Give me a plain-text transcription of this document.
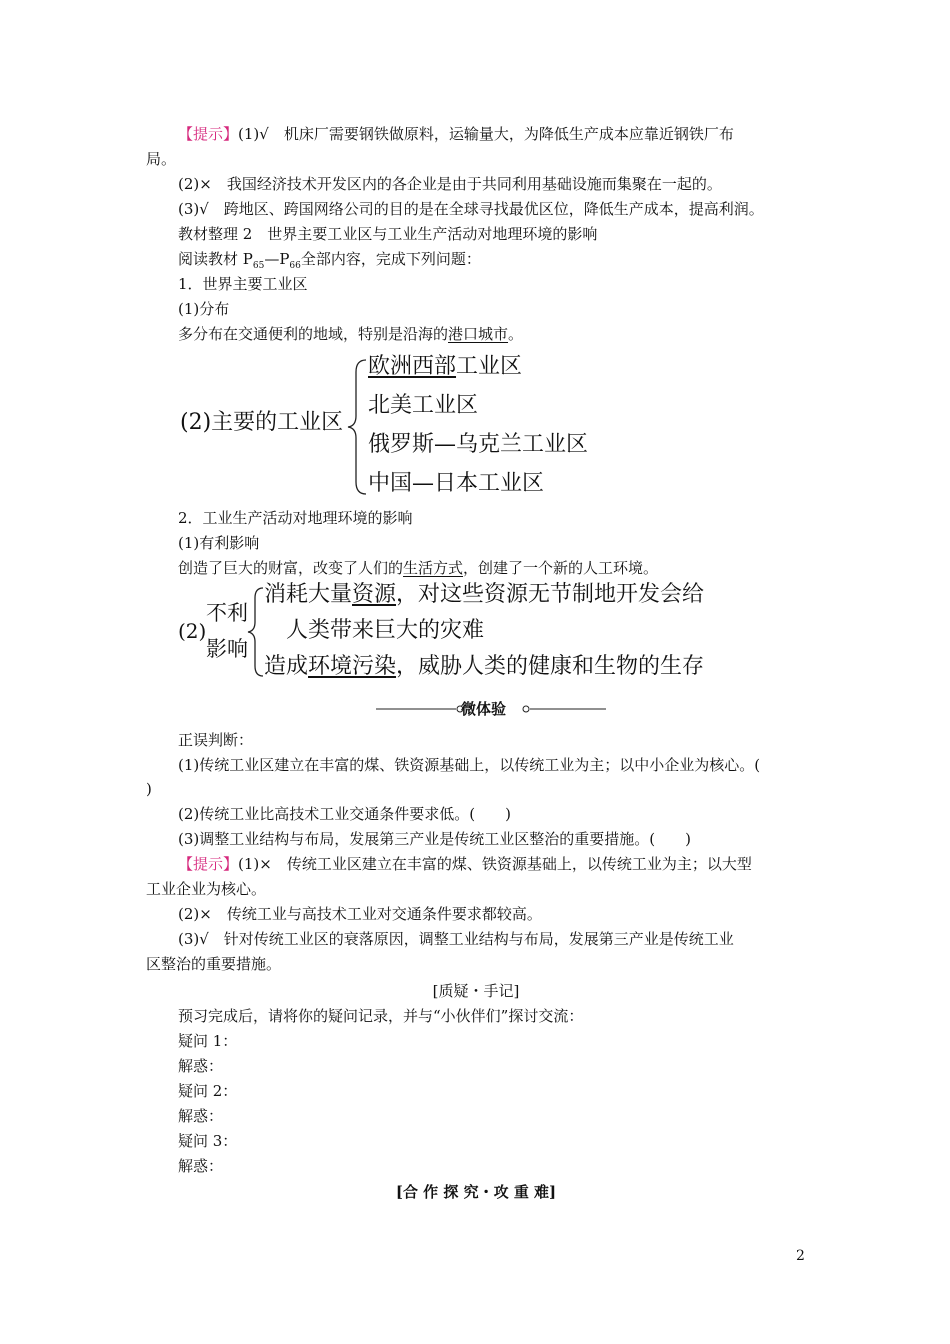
【提示】(1)√　机床厂需要钢铁做原料，运输量大，为降低生产成本应靠近钢铁厂布
局。
(2)×　我国经济技术开发区内的各企业是由于共同利用基础设施而集聚在一起的。
(3)√　跨地区、跨国网络公司的目的是在全球寻找最优区位，降低生产成本，提高利润。
教材整理 2　世界主要工业区与工业生产活动对地理环境的影响
阅读教材 $P_{65}—P_{66}$全部内容，完成下列问题：
1．世界主要工业区
(1)分布
多分布在交通便利的地域，特别是沿海的港口城市。
(2)主要的工业区
欧洲西部工业区
北美工业区
俄罗斯—乌克兰工业区
中国—日本工业区
2．工业生产活动对地理环境的影响
(1)有利影响
创造了巨大的财富，改变了人们的生活方式，创建了一个新的人工环境。
(2)
不利
影响
消耗大量资源，对这些资源无节制地开发会给
人类带来巨大的灾难
造成环境污染，威胁人类的健康和生物的生存
微体验
正误判断：
(1)传统工业区建立在丰富的煤、铁资源基础上，以传统工业为主；以中小企业为核心。(
)
(2)传统工业比高技术工业交通条件要求低。(　　)
(3)调整工业结构与布局，发展第三产业是传统工业区整治的重要措施。(　　)
【提示】(1)×　传统工业区建立在丰富的煤、铁资源基础上，以传统工业为主；以大型
工业企业为核心。
(2)×　传统工业与高技术工业对交通条件要求都较高。
(3)√　针对传统工业区的衰落原因，调整工业结构与布局，发展第三产业是传统工业
区整治的重要措施。
[质疑・手记]
预习完成后，请将你的疑问记录，并与“小伙伴们”探讨交流：
疑问 1：
解惑：
疑问 2：
解惑：
疑问 3：
解惑：
[合 作 探 究・攻 重 难]
2
